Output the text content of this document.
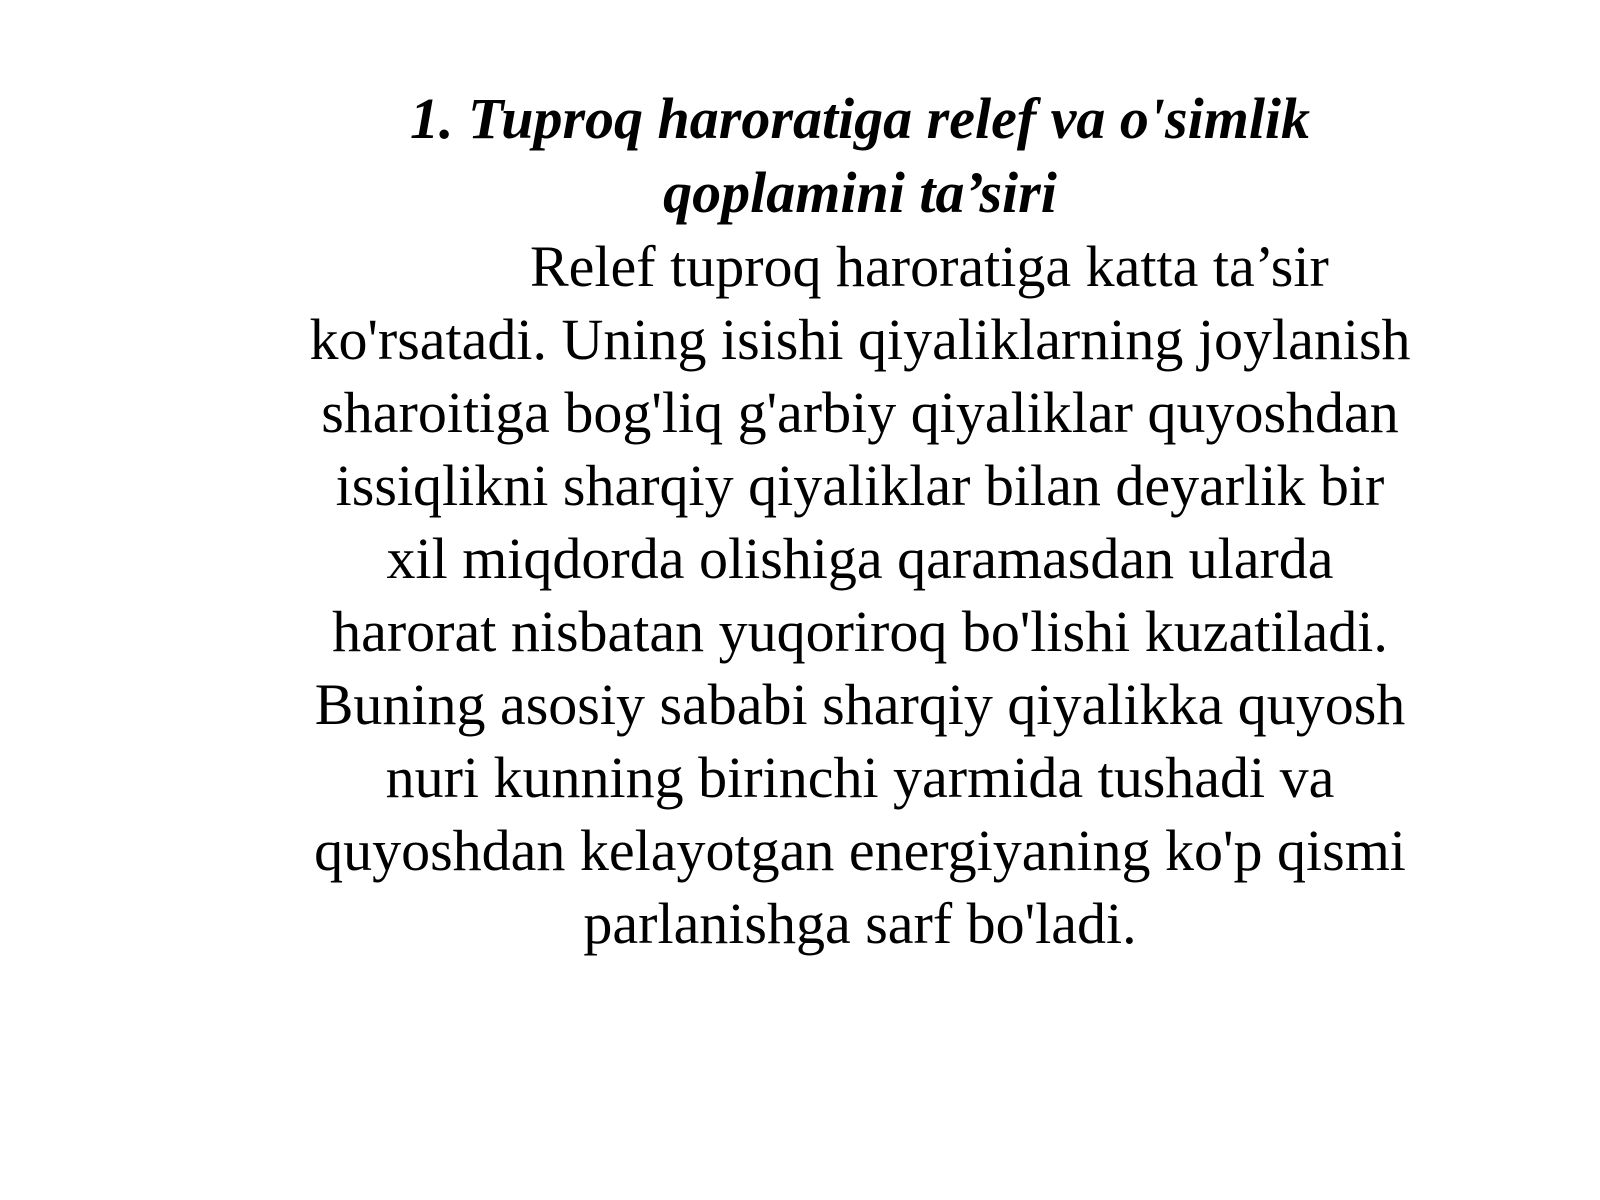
1. Tuproq haroratiga relef va o'simlik
qoplamini ta’siri
Relef tuproq haroratiga katta ta’sir
ko'rsatadi. Uning isishi qiyaliklarning joylanish
sharoitiga bog'liq g'arbiy qiyaliklar quyoshdan
issiqlikni sharqiy qiyaliklar bilan deyarlik bir
xil miqdorda olishiga qaramasdan ularda
harorat nisbatan yuqoriroq bo'lishi kuzatiladi.
Buning asosiy sababi sharqiy qiyalikka quyosh
nuri kunning birinchi yarmida tushadi va
quyoshdan kelayotgan energiyaning ko'p qismi
parlanishga sarf bo'ladi.
